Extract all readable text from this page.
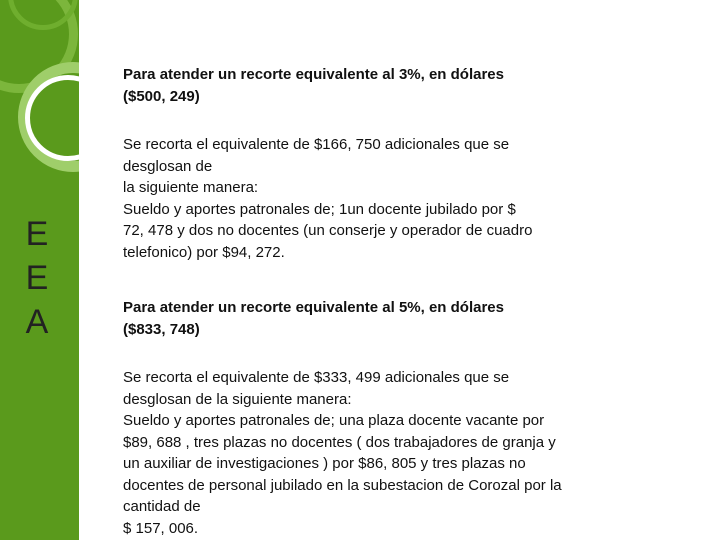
E
E
A

Para atender un recorte equivalente al 3%, en dólares
($500, 249)

Se recorta el equivalente de $166, 750 adicionales que se
desglosan de
la siguiente manera:
Sueldo y aportes patronales de; 1un docente jubilado por $
72, 478 y dos no docentes (un conserje y operador de cuadro
telefonico) por $94, 272.

Para atender un recorte equivalente al 5%, en dólares
($833, 748)

Se recorta el equivalente de $333, 499 adicionales que se
desglosan de la siguiente manera:
Sueldo y aportes patronales de; una plaza docente vacante por
$89, 688 , tres plazas no docentes ( dos trabajadores de granja y
un auxiliar de investigaciones ) por $86, 805 y tres plazas no
docentes de personal jubilado en la subestacion de Corozal por la
cantidad de
$ 157, 006.
